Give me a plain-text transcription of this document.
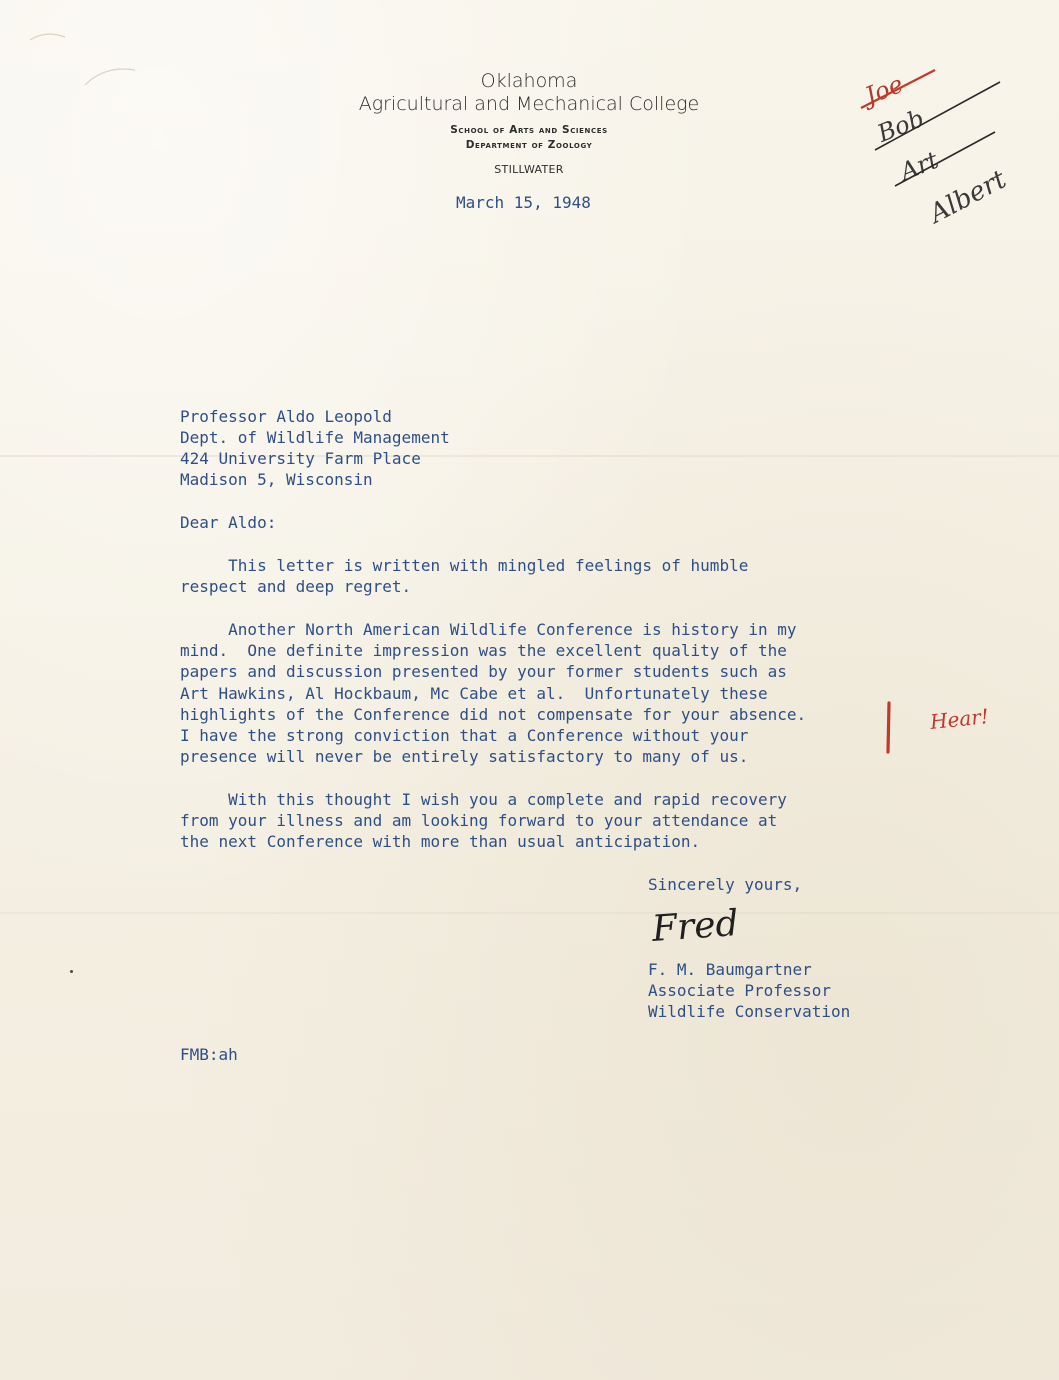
Oklahoma
Agricultural and Mechanical College
School of Arts and Sciences
Department of Zoology
STILLWATER
March 15, 1948
Joe
Bob
Art
Albert
Professor Aldo Leopold
Dept. of Wildlife Management
424 University Farm Place
Madison 5, Wisconsin
Dear Aldo:
This letter is written with mingled feelings of humble
respect and deep regret.
Another North American Wildlife Conference is history in my
mind.  One definite impression was the excellent quality of the
papers and discussion presented by your former students such as
Art Hawkins, Al Hockbaum, Mc Cabe et al.  Unfortunately these
highlights of the Conference did not compensate for your absence.
I have the strong conviction that a Conference without your
presence will never be entirely satisfactory to many of us.
Hear!
With this thought I wish you a complete and rapid recovery
from your illness and am looking forward to your attendance at
the next Conference with more than usual anticipation.
Sincerely yours,
Fred
F. M. Baumgartner
Associate Professor
Wildlife Conservation
FMB:ah
